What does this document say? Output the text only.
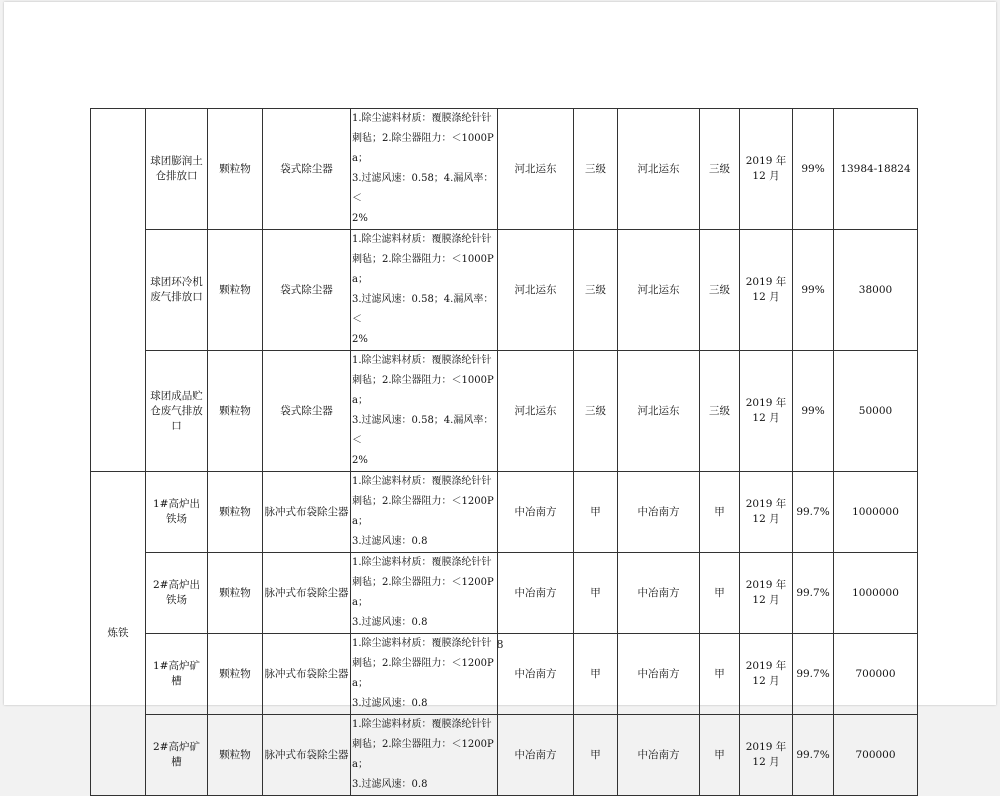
	球团膨润土仓排放口	颗粒物	袋式除尘器	1.除尘滤料材质：覆膜涤纶针针
刺毡；2.除尘器阻力：＜1000Pa；
3.过滤风速：0.58；4.漏风率：＜
2%	河北运东	三级	河北运东	三级	2019 年 12 月	99%	13984-18824
	球团环冷机废气排放口	颗粒物	袋式除尘器	1.除尘滤料材质：覆膜涤纶针针
刺毡；2.除尘器阻力：＜1000Pa；
3.过滤风速：0.58；4.漏风率：＜
2%	河北运东	三级	河北运东	三级	2019 年 12 月	99%	38000
	球团成品贮仓废气排放口	颗粒物	袋式除尘器	1.除尘滤料材质：覆膜涤纶针针
刺毡；2.除尘器阻力：＜1000Pa；
3.过滤风速：0.58；4.漏风率：＜
2%	河北运东	三级	河北运东	三级	2019 年 12 月	99%	50000
炼铁	1#高炉出铁场	颗粒物	脉冲式布袋除尘器	1.除尘滤料材质：覆膜涤纶针针
刺毡；2.除尘器阻力：＜1200Pa；
3.过滤风速：0.8	中冶南方	甲	中冶南方	甲	2019 年 12 月	99.7%	1000000
	2#高炉出铁场	颗粒物	脉冲式布袋除尘器	1.除尘滤料材质：覆膜涤纶针针
刺毡；2.除尘器阻力：＜1200Pa；
3.过滤风速：0.8	中冶南方	甲	中冶南方	甲	2019 年 12 月	99.7%	1000000
	1#高炉矿槽	颗粒物	脉冲式布袋除尘器	1.除尘滤料材质：覆膜涤纶针针
刺毡；2.除尘器阻力：＜1200Pa；
3.过滤风速：0.8	中冶南方	甲	中冶南方	甲	2019 年 12 月	99.7%	700000
	2#高炉矿槽	颗粒物	脉冲式布袋除尘器	1.除尘滤料材质：覆膜涤纶针针
刺毡；2.除尘器阻力：＜1200Pa；
3.过滤风速：0.8	中冶南方	甲	中冶南方	甲	2019 年 12 月	99.7%	700000
8
